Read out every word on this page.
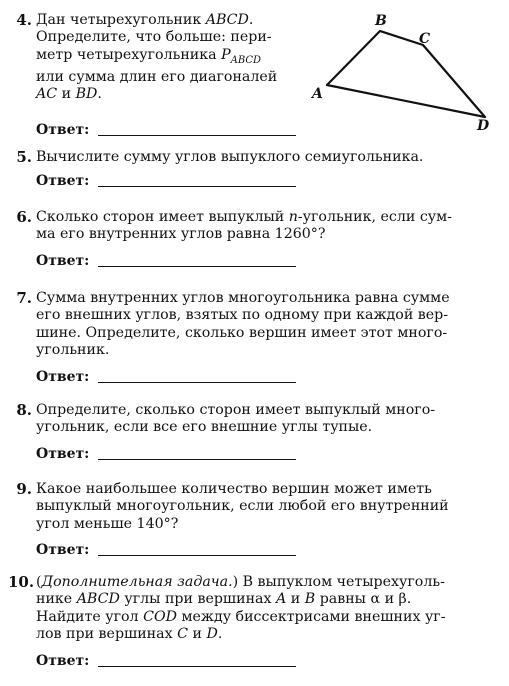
4. Дан четырехугольник ABCD.
Определите, что больше: пери-
метр четырехугольника $P_{ABCD}$
или сумма длин его диагоналей
AC и BD.
Ответ:
A
B
C
D
5. Вычислите сумму углов выпуклого семиугольника.
Ответ:
6. Сколько сторон имеет выпуклый n-угольник, если сум-
ма его внутренних углов равна 1260°?
Ответ:
7. Сумма внутренних углов многоугольника равна сумме
его внешних углов, взятых по одному при каждой вер-
шине. Определите, сколько вершин имеет этот много-
угольник.
Ответ:
8. Определите, сколько сторон имеет выпуклый много-
угольник, если все его внешние углы тупые.
Ответ:
9. Какое наибольшее количество вершин может иметь
выпуклый многоугольник, если любой его внутренний
угол меньше 140°?
Ответ:
10. (Дополнительная задача.) В выпуклом четырехуголь-
нике ABCD углы при вершинах A и B равны α и β.
Найдите угол COD между биссектрисами внешних уг-
лов при вершинах C и D.
Ответ:
